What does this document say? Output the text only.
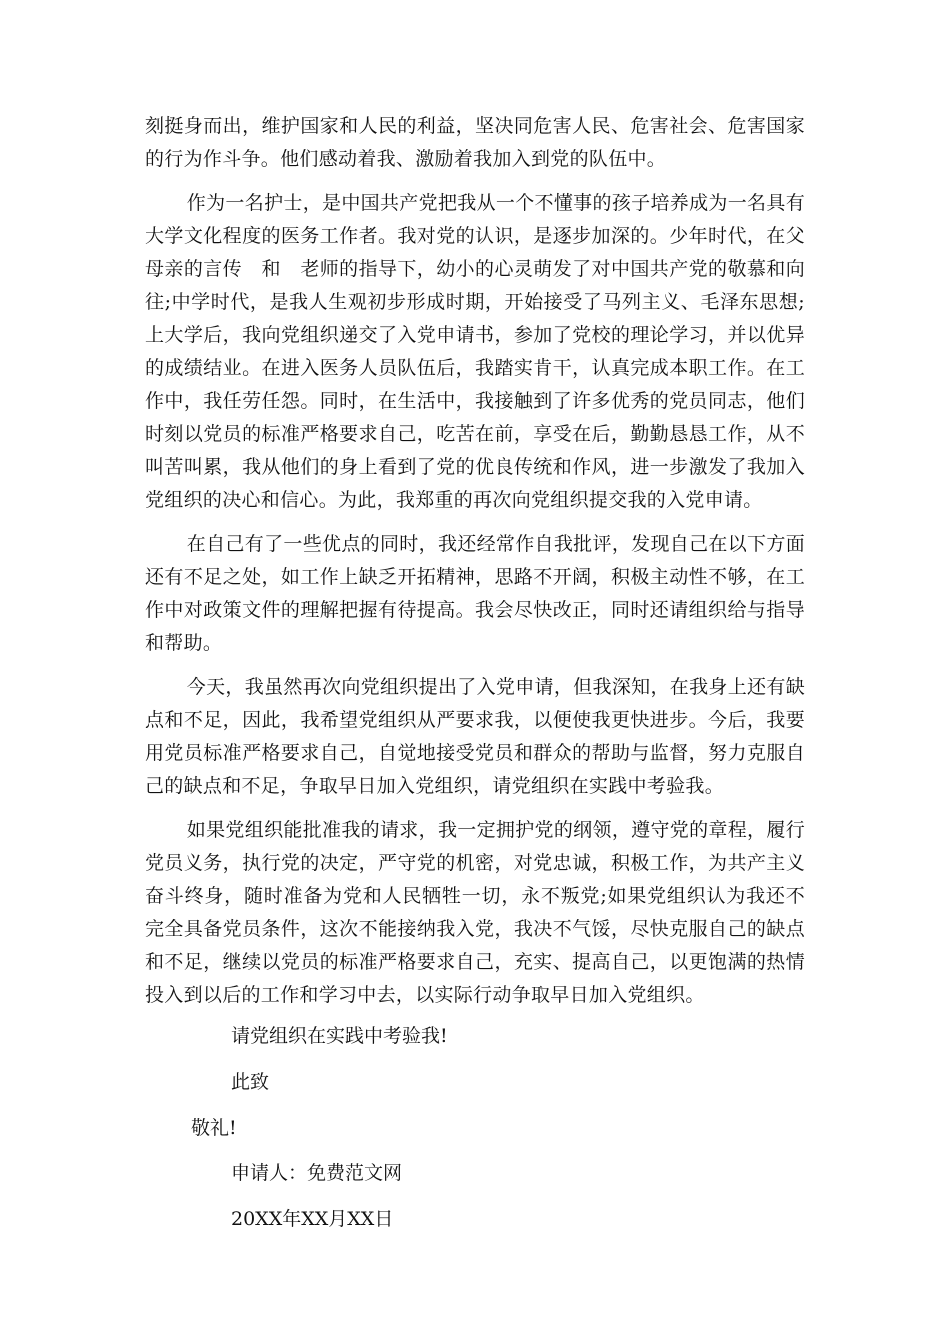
刻挺身而出，维护国家和人民的利益，坚决同危害人民、危害社会、危害国家的行为作斗争。他们感动着我、激励着我加入到党的队伍中。

作为一名护士，是中国共产党把我从一个不懂事的孩子培养成为一名具有大学文化程度的医务工作者。我对党的认识，是逐步加深的。少年时代，在父母亲的言传　和　老师的指导下，幼小的心灵萌发了对中国共产党的敬慕和向往;中学时代，是我人生观初步形成时期，开始接受了马列主义、毛泽东思想;上大学后，我向党组织递交了入党申请书，参加了党校的理论学习，并以优异的成绩结业。在进入医务人员队伍后，我踏实肯干，认真完成本职工作。在工作中，我任劳任怨。同时，在生活中，我接触到了许多优秀的党员同志，他们时刻以党员的标准严格要求自己，吃苦在前，享受在后，勤勤恳恳工作，从不叫苦叫累，我从他们的身上看到了党的优良传统和作风，进一步激发了我加入党组织的决心和信心。为此，我郑重的再次向党组织提交我的入党申请。

在自己有了一些优点的同时，我还经常作自我批评，发现自己在以下方面还有不足之处，如工作上缺乏开拓精神，思路不开阔，积极主动性不够，在工作中对政策文件的理解把握有待提高。我会尽快改正，同时还请组织给与指导和帮助。

今天，我虽然再次向党组织提出了入党申请，但我深知，在我身上还有缺点和不足，因此，我希望党组织从严要求我，以便使我更快进步。今后，我要用党员标准严格要求自己，自觉地接受党员和群众的帮助与监督，努力克服自己的缺点和不足，争取早日加入党组织，请党组织在实践中考验我。

如果党组织能批准我的请求，我一定拥护党的纲领，遵守党的章程，履行党员义务，执行党的决定，严守党的机密，对党忠诚，积极工作，为共产主义奋斗终身，随时准备为党和人民牺牲一切，永不叛党;如果党组织认为我还不完全具备党员条件，这次不能接纳我入党，我决不气馁，尽快克服自己的缺点和不足，继续以党员的标准严格要求自己，充实、提高自己，以更饱满的热情投入到以后的工作和学习中去，以实际行动争取早日加入党组织。

请党组织在实践中考验我!
此致
敬礼!
申请人：免费范文网
20XX年XX月XX日
